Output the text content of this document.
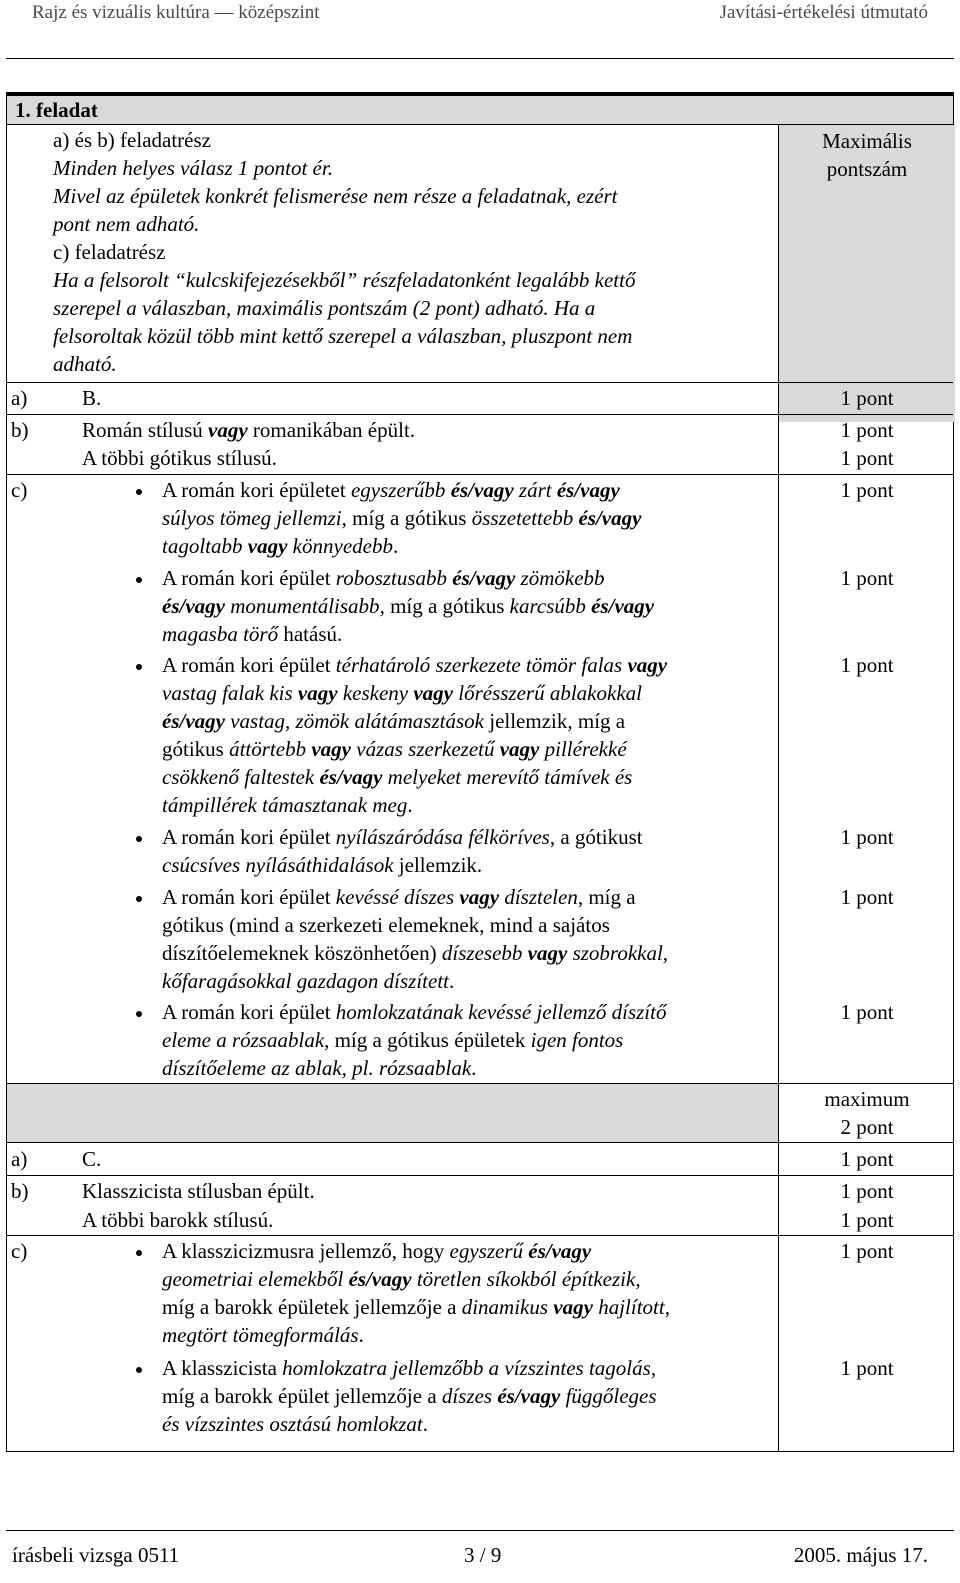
Rajz és vizuális kultúra — középszint	Javítási-értékelési útmutató
1. feladat
Maximális
pontszám
a) és b) feladatrész
Minden helyes válasz 1 pontot ér.
Mivel az épületek konkrét felismerése nem része a feladatnak, ezért
pont nem adható.
c) feladatrész
Ha a felsorolt “kulcskifejezésekből” részfeladatonként legalább kettő
szerepel a válaszban, maximális pontszám (2 pont) adható. Ha a
felsoroltak közül több mint kettő szerepel a válaszban, pluszpont nem
adható.
a)	B.	1 pont
b)	Román stílusú vagy romanikában épült.	1 pont
A többi gótikus stílusú.	1 pont
c)	A román kori épületet egyszerűbb és/vagy zárt és/vagy
súlyos tömeg jellemzi, míg a gótikus összetettebb és/vagy
tagoltabb vagy könnyedebb.
1 pont
A román kori épület robosztusabb és/vagy zömökebb
és/vagy monumentálisabb, míg a gótikus karcsúbb és/vagy
magasba törő hatású.
1 pont
A román kori épület térhatároló szerkezete tömör falas vagy
vastag falak kis vagy keskeny vagy lőrésszerű ablakokkal
és/vagy vastag, zömök alátámasztások jellemzik, míg a
gótikus áttörtebb vagy vázas szerkezetű vagy pillérekké
csökkenő faltestek és/vagy melyeket merevítő támívek és
támpillérek támasztanak meg.
1 pont
A román kori épület nyílászáródása félköríves, a gótikust
csúcsíves nyílásáthidalások jellemzik.
1 pont
A román kori épület kevéssé díszes vagy dísztelen, míg a
gótikus (mind a szerkezeti elemeknek, mind a sajátos
díszítőelemeknek köszönhetően) díszesebb vagy szobrokkal,
kőfaragásokkal gazdagon díszített.
1 pont
A román kori épület homlokzatának kevéssé jellemző díszítő
eleme a rózsaablak, míg a gótikus épületek igen fontos
díszítőeleme az ablak, pl. rózsaablak.
1 pont
maximum
2 pont
a)	C.	1 pont
b)	Klasszicista stílusban épült.	1 pont
A többi barokk stílusú.	1 pont
c)	A klasszicizmusra jellemző, hogy egyszerű és/vagy
geometriai elemekből és/vagy töretlen síkokból építkezik,
míg a barokk épületek jellemzője a dinamikus vagy hajlított,
megtört tömegformálás.
1 pont
A klasszicista homlokzatra jellemzőbb a vízszintes tagolás,
míg a barokk épület jellemzője a díszes és/vagy függőleges
és vízszintes osztású homlokzat.
1 pont
írásbeli vizsga 0511	3 / 9	2005. május 17.
